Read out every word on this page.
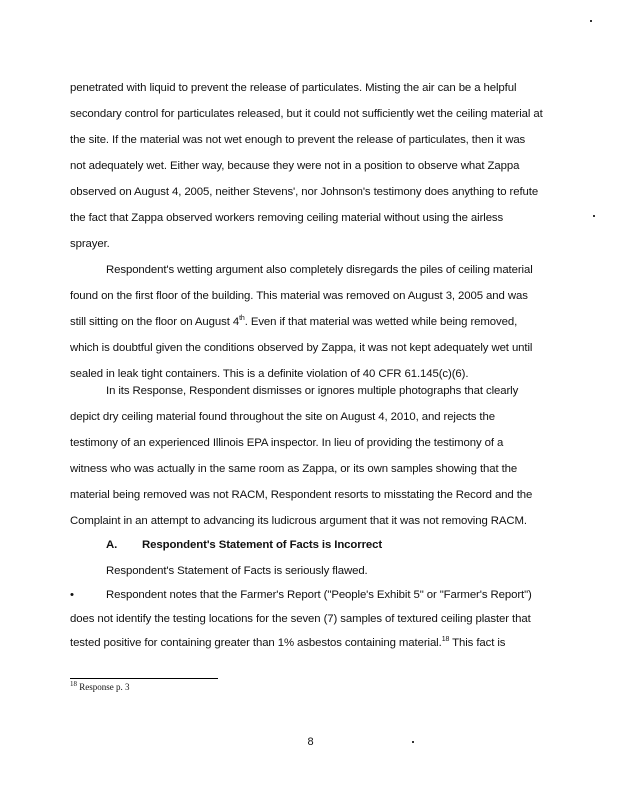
penetrated with liquid to prevent the release of particulates. Misting the air can be a helpful
secondary control for particulates released, but it could not sufficiently wet the ceiling material at
the site. If the material was not wet enough to prevent the release of particulates, then it was
not adequately wet. Either way, because they were not in a position to observe what Zappa
observed on August 4, 2005, neither Stevens', nor Johnson's testimony does anything to refute
the fact that Zappa observed workers removing ceiling material without using the airless
sprayer.
Respondent's wetting argument also completely disregards the piles of ceiling material
found on the first floor of the building. This material was removed on August 3, 2005 and was
still sitting on the floor on August 4th. Even if that material was wetted while being removed,
which is doubtful given the conditions observed by Zappa, it was not kept adequately wet until
sealed in leak tight containers. This is a definite violation of 40 CFR 61.145(c)(6).
In its Response, Respondent dismisses or ignores multiple photographs that clearly
depict dry ceiling material found throughout the site on August 4, 2010, and rejects the
testimony of an experienced Illinois EPA inspector. In lieu of providing the testimony of a
witness who was actually in the same room as Zappa, or its own samples showing that the
material being removed was not RACM, Respondent resorts to misstating the Record and the
Complaint in an attempt to advancing its ludicrous argument that it was not removing RACM.
A. Respondent's Statement of Facts is Incorrect
Respondent's Statement of Facts is seriously flawed.
•	Respondent notes that the Farmer's Report ("People's Exhibit 5" or "Farmer's Report")
does not identify the testing locations for the seven (7) samples of textured ceiling plaster that
tested positive for containing greater than 1% asbestos containing material.$^{18}$ This fact is
$^{18}$ Response p. 3
8
